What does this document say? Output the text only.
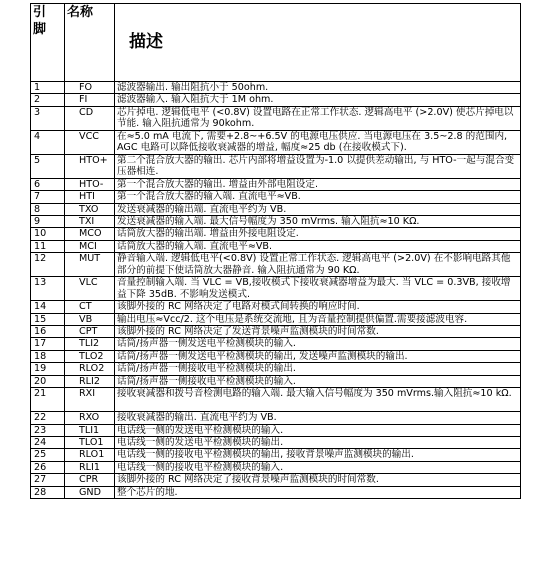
引
脚	名称	描述
1	FO	滤波器输出. 输出阻抗小于 50ohm.
2	FI	滤波器输入. 输入阻抗大于 1M ohm.
3	CD	芯片掉电. 逻辑低电平 (<0.8V) 设置电路在正常工作状态. 逻辑高电平 (>2.0V) 使芯片掉电以节能. 输入阻抗通常为 90kohm.
4	VCC	在≈5.0 mA 电流下, 需要+2.8~+6.5V 的电源电压供应. 当电源电压在 3.5~2.8 的范围内, AGC 电路可以降低接收衰减器的增益, 幅度≈25 db (在接收模式下).
5	HTO+	第二个混合放大器的输出. 芯片内部将增益设置为-1.0 以提供差动输出, 与 HTO-一起与混合变压器相连.
6	HTO-	第一个混合放大器的输出. 增益由外部电阻设定.
7	HTI	第一个混合放大器的输入端. 直流电平≈VB.
8	TXO	发送衰减器的输出端. 直流电平约为 VB.
9	TXI	发送衰减器的输入端. 最大信号幅度为 350 mVrms. 输入阻抗≈10 KΩ.
10	MCO	话筒放大器的输出端. 增益由外接电阻设定.
11	MCI	话筒放大器的输入端. 直流电平≈VB.
12	MUT	静音输入端. 逻辑低电平(<0.8V) 设置正常工作状态. 逻辑高电平 (>2.0V) 在不影响电路其他部分的前提下使话筒放大器静音. 输入阻抗通常为 90 KΩ.
13	VLC	音量控制输入端. 当 VLC = VB,接收模式下接收衰减器增益为最大. 当 VLC = 0.3VB, 接收增益下降 35dB. 不影响发送模式.
14	CT	该脚外接的 RC 网络决定了电路对模式间转换的响应时间.
15	VB	输出电压≈Vcc/2. 这个电压是系统交流地, 且为音量控制提供偏置.需要接滤波电容.
16	CPT	该脚外接的 RC 网络决定了发送背景噪声监测模块的时间常数.
17	TLI2	话筒/扬声器一侧发送电平检测模块的输入.
18	TLO2	话筒/扬声器一侧发送电平检测模块的输出, 发送噪声监测模块的输出.
19	RLO2	话筒/扬声器一侧接收电平检测模块的输出.
20	RLI2	话筒/扬声器一侧接收电平检测模块的输入.
21	RXI	接收衰减器和拨号音检测电路的输入端. 最大输入信号幅度为 350 mVrms.输入阻抗≈10 kΩ.
22	RXO	接收衰减器的输出. 直流电平约为 VB.
23	TLI1	电话线一侧的发送电平检测模块的输入.
24	TLO1	电话线一侧的发送电平检测模块的输出.
25	RLO1	电话线一侧的接收电平检测模块的输出, 接收背景噪声监测模块的输出.
26	RLI1	电话线一侧的接收电平检测模块的输入.
27	CPR	该脚外接的 RC 网络决定了接收背景噪声监测模块的时间常数.
28	GND	整个芯片的地.
